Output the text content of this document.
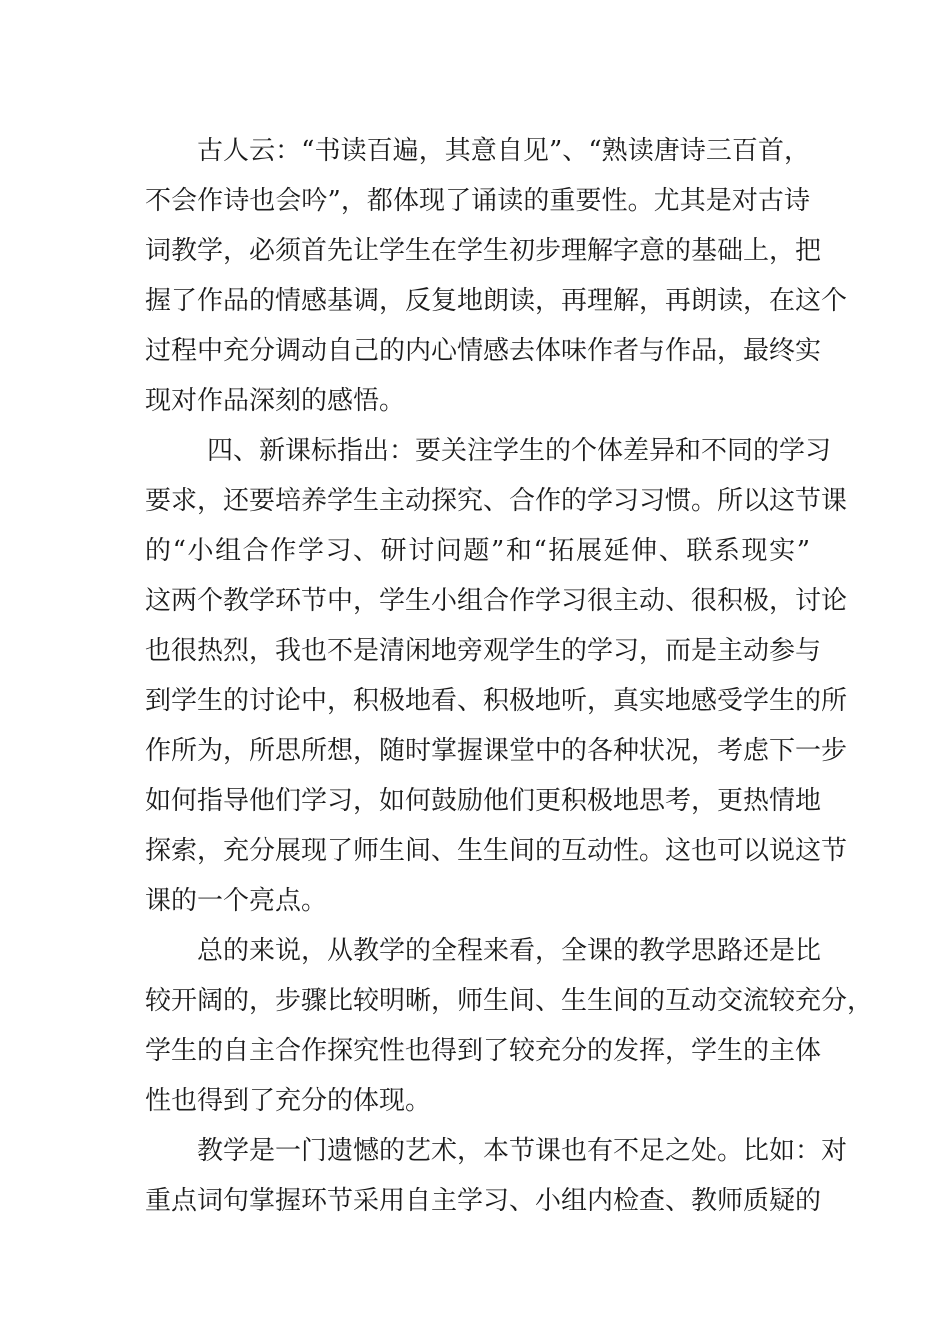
古人云：“书读百遍，其意自见”、“熟读唐诗三百首，
不会作诗也会吟”，都体现了诵读的重要性。尤其是对古诗
词教学，必须首先让学生在学生初步理解字意的基础上，把
握了作品的情感基调，反复地朗读，再理解，再朗读，在这个
过程中充分调动自己的内心情感去体味作者与作品，最终实
现对作品深刻的感悟。
四、新课标指出：要关注学生的个体差异和不同的学习
要求，还要培养学生主动探究、合作的学习习惯。所以这节课
的“小组合作学习、研讨问题”和“拓展延伸、联系现实”
这两个教学环节中，学生小组合作学习很主动、很积极，讨论
也很热烈，我也不是清闲地旁观学生的学习，而是主动参与
到学生的讨论中，积极地看、积极地听，真实地感受学生的所
作所为，所思所想，随时掌握课堂中的各种状况，考虑下一步
如何指导他们学习，如何鼓励他们更积极地思考，更热情地
探索，充分展现了师生间、生生间的互动性。这也可以说这节
课的一个亮点。
总的来说，从教学的全程来看，全课的教学思路还是比
较开阔的，步骤比较明晰，师生间、生生间的互动交流较充分，
学生的自主合作探究性也得到了较充分的发挥，学生的主体
性也得到了充分的体现。
教学是一门遗憾的艺术，本节课也有不足之处。比如：对
重点词句掌握环节采用自主学习、小组内检查、教师质疑的
